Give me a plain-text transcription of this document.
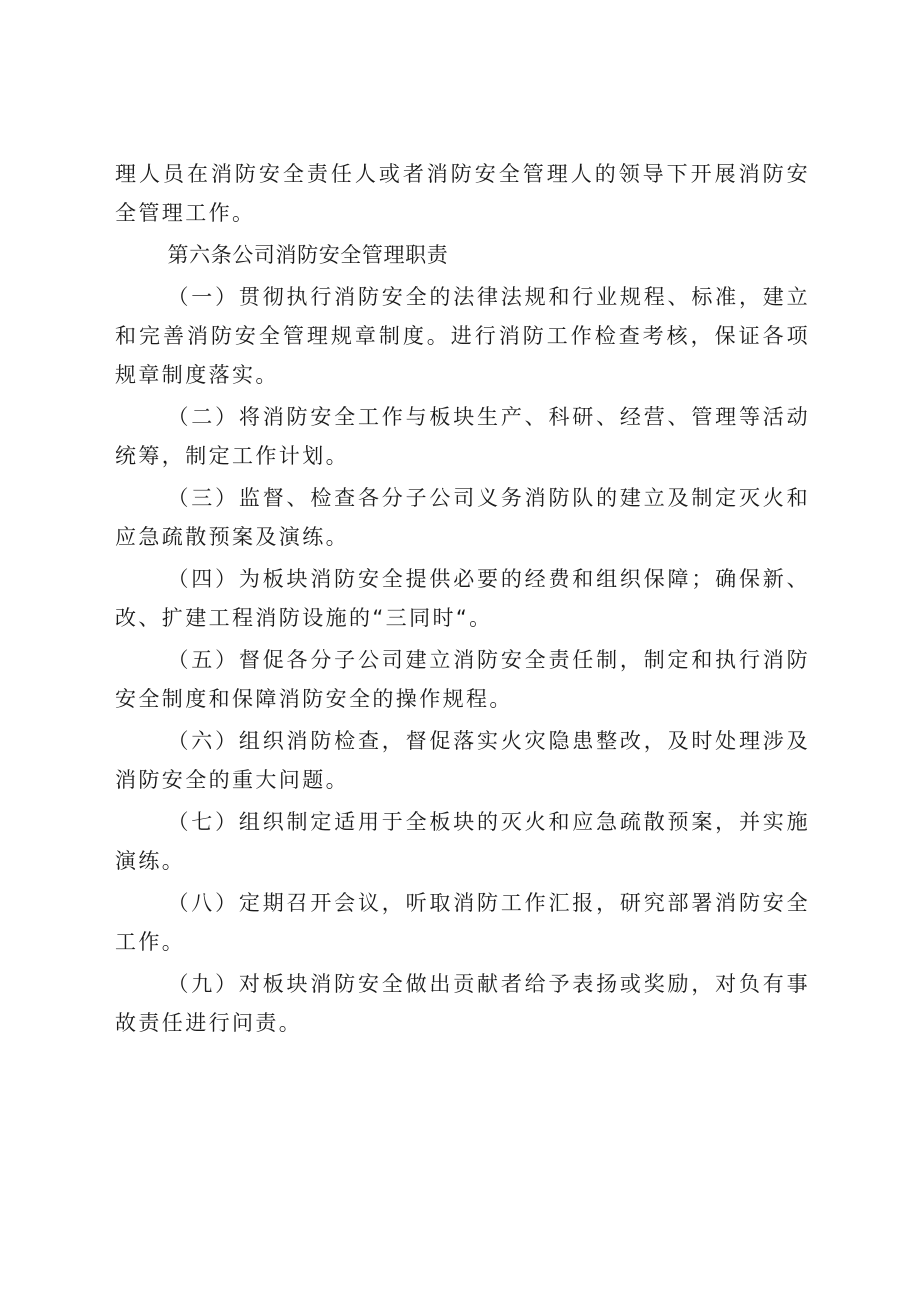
理人员在消防安全责任人或者消防安全管理人的领导下开展消防安全管理工作。

第六条公司消防安全管理职责

（一）贯彻执行消防安全的法律法规和行业规程、标准，建立和完善消防安全管理规章制度。进行消防工作检查考核，保证各项规章制度落实。

（二）将消防安全工作与板块生产、科研、经营、管理等活动统筹，制定工作计划。

（三）监督、检查各分子公司义务消防队的建立及制定灭火和应急疏散预案及演练。

（四）为板块消防安全提供必要的经费和组织保障；确保新、改、扩建工程消防设施的“三同时“。

（五）督促各分子公司建立消防安全责任制，制定和执行消防安全制度和保障消防安全的操作规程。

（六）组织消防检查，督促落实火灾隐患整改，及时处理涉及消防安全的重大问题。

（七）组织制定适用于全板块的灭火和应急疏散预案，并实施演练。

（八）定期召开会议，听取消防工作汇报，研究部署消防安全工作。

（九）对板块消防安全做出贡献者给予表扬或奖励，对负有事故责任进行问责。
